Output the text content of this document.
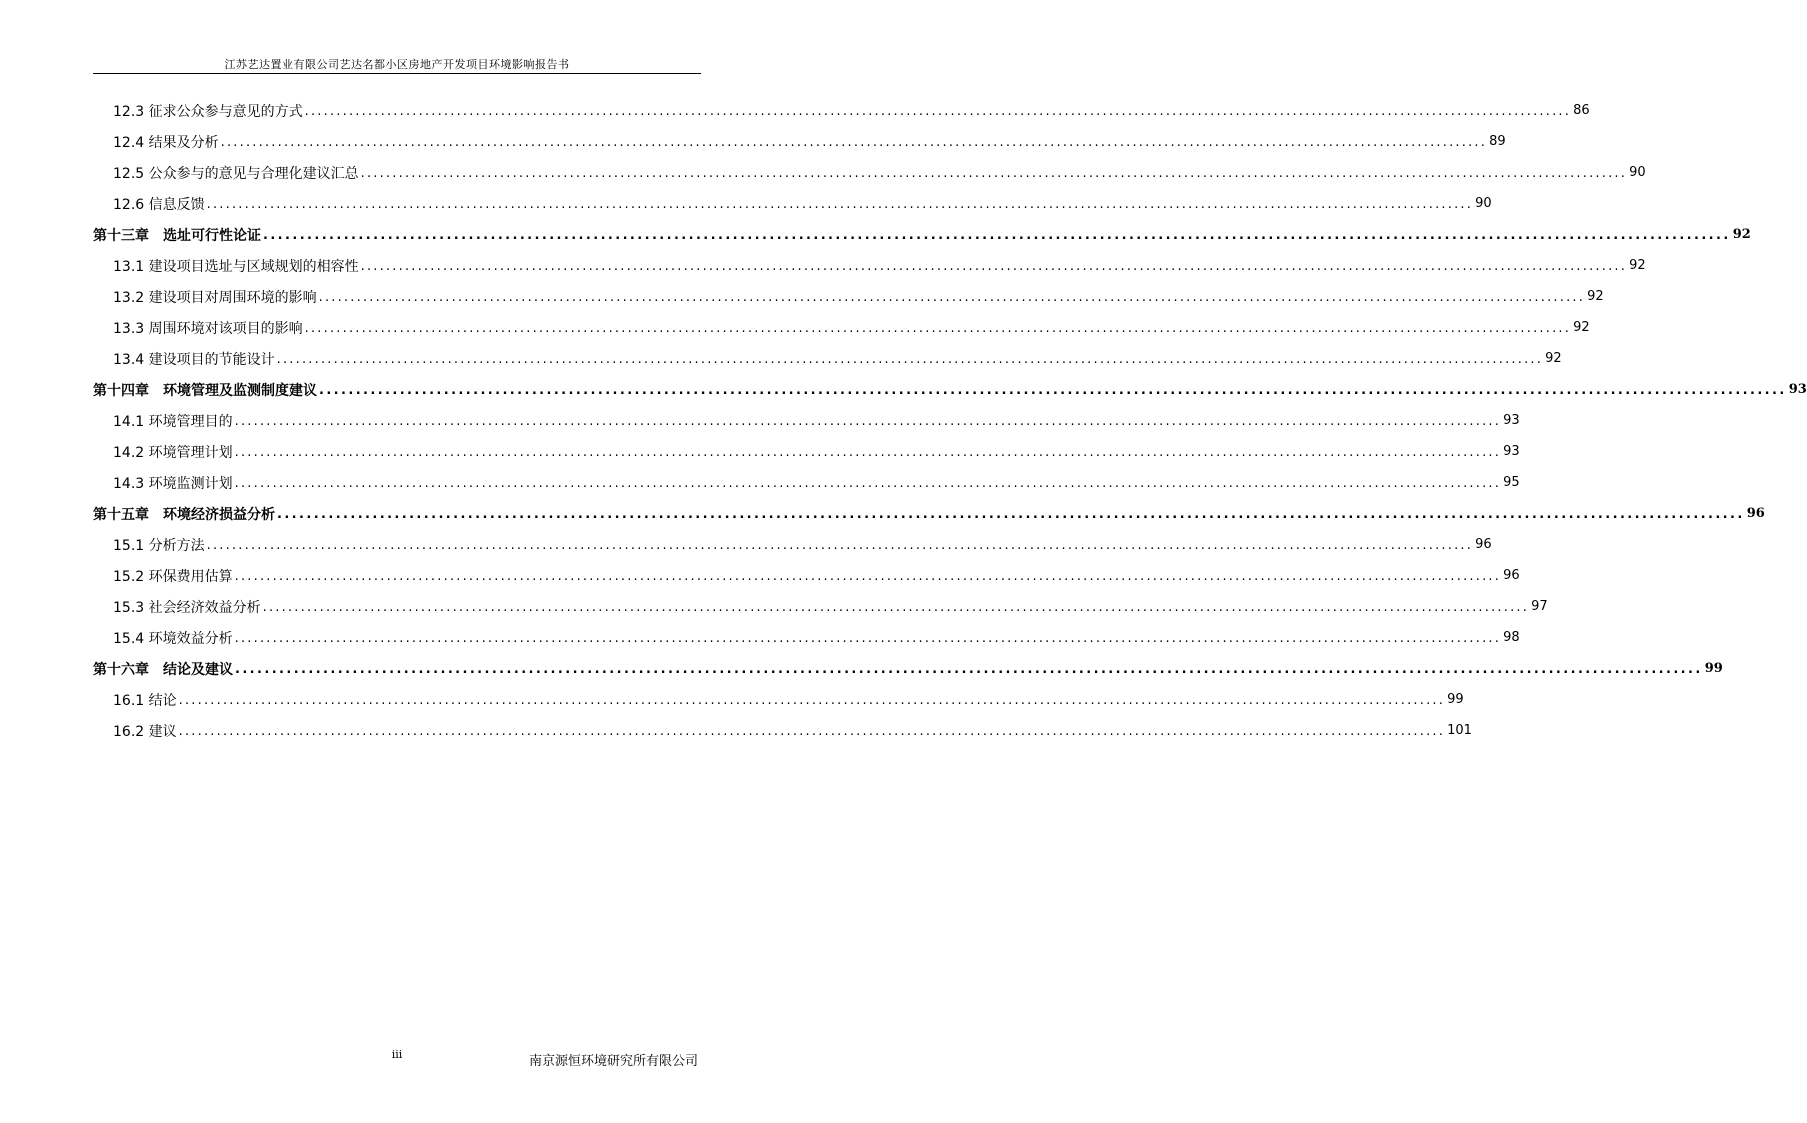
江苏艺达置业有限公司艺达名都小区房地产开发项目环境影响报告书
12.3 征求公众参与意见的方式 ........................................................................................................................................................................................................ 86
12.4 结果及分析 ........................................................................................................................................................................................................ 89
12.5 公众参与的意见与合理化建议汇总 ........................................................................................................................................................................................................ 90
12.6 信息反馈 ........................................................................................................................................................................................................ 90
第十三章　选址可行性论证 ........................................................................................................................................................................................................ 92
13.1 建设项目选址与区域规划的相容性 ........................................................................................................................................................................................................ 92
13.2 建设项目对周围环境的影响 ........................................................................................................................................................................................................ 92
13.3 周围环境对该项目的影响 ........................................................................................................................................................................................................ 92
13.4 建设项目的节能设计 ........................................................................................................................................................................................................ 92
第十四章　环境管理及监测制度建议 ........................................................................................................................................................................................................ 93
14.1 环境管理目的 ........................................................................................................................................................................................................ 93
14.2 环境管理计划 ........................................................................................................................................................................................................ 93
14.3 环境监测计划 ........................................................................................................................................................................................................ 95
第十五章　环境经济损益分析 ........................................................................................................................................................................................................ 96
15.1 分析方法 ........................................................................................................................................................................................................ 96
15.2 环保费用估算 ........................................................................................................................................................................................................ 96
15.3 社会经济效益分析 ........................................................................................................................................................................................................ 97
15.4 环境效益分析 ........................................................................................................................................................................................................ 98
第十六章　结论及建议 ........................................................................................................................................................................................................ 99
16.1 结论 ........................................................................................................................................................................................................ 99
16.2 建议 ........................................................................................................................................................................................................ 101
iii	南京源恒环境研究所有限公司
